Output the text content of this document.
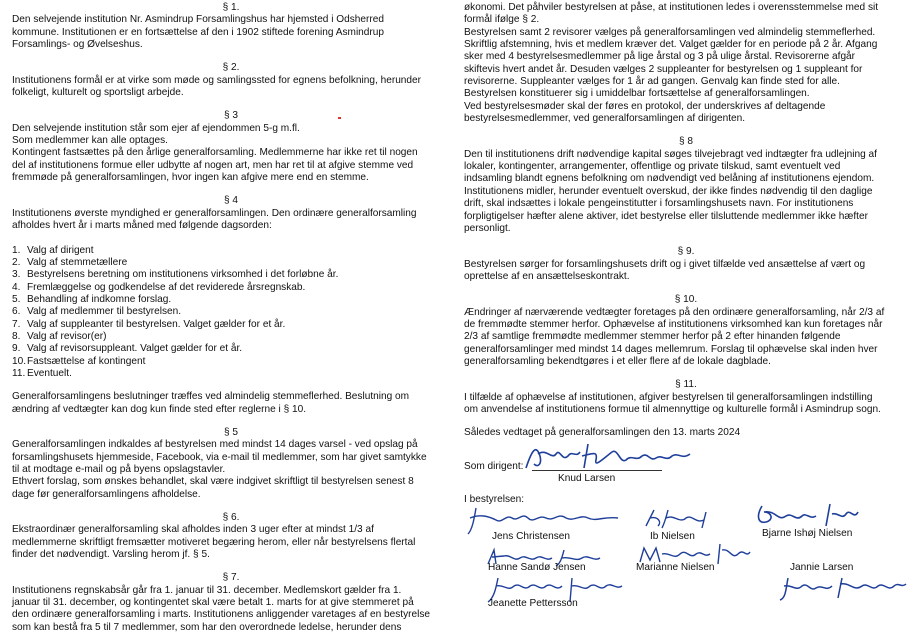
§ 1.

Den selvejende institution Nr. Asmindrup Forsamlingshus har hjemsted i Odsherred
kommune. Institutionen er en fortsættelse af den i 1902 stiftede forening Asmindrup
Forsamlings- og Øvelseshus.

§ 2.

Institutionens formål er at virke som møde og samlingssted for egnens befolkning, herunder
folkeligt, kulturelt og sportsligt arbejde.

§ 3

Den selvejende institution står som ejer af ejendommen 5-g m.fl.
Som medlemmer kan alle optages.
Kontingent fastsættes på den årlige generalforsamling. Medlemmerne har ikke ret til nogen
del af institutionens formue eller udbytte af nogen art, men har ret til at afgive stemme ved
fremmøde på generalforsamlingen, hvor ingen kan afgive mere end en stemme.

§ 4

Institutionens øverste myndighed er generalforsamlingen. Den ordinære generalforsamling
afholdes hvert år i marts måned med følgende dagsorden:

1. Valg af dirigent
2. Valg af stemmetællere
3. Bestyrelsens beretning om institutionens virksomhed i det forløbne år.
4. Fremlæggelse og godkendelse af det reviderede årsregnskab.
5. Behandling af indkomne forslag.
6. Valg af medlemmer til bestyrelsen.
7. Valg af suppleanter til bestyrelsen. Valget gælder for et år.
8. Valg af revisor(er)
9. Valg af revisorsuppleant. Valget gælder for et år.
10. Fastsættelse af kontingent
11. Eventuelt.

Generalforsamlingens beslutninger træffes ved almindelig stemmeflerhed. Beslutning om
ændring af vedtægter kan dog kun finde sted efter reglerne i § 10.

§ 5

Generalforsamlingen indkaldes af bestyrelsen med mindst 14 dages varsel - ved opslag på
forsamlingshusets hjemmeside, Facebook, via e-mail til medlemmer, som har givet samtykke
til at modtage e-mail og på byens opslagstavler.
Ethvert forslag, som ønskes behandlet, skal være indgivet skriftligt til bestyrelsen senest 8
dage før generalforsamlingens afholdelse.

§ 6.

Ekstraordinær generalforsamling skal afholdes inden 3 uger efter at mindst 1/3 af
medlemmerne skriftligt fremsætter motiveret begæring herom, eller når bestyrelsens flertal
finder det nødvendigt. Varsling herom jf. § 5.

§ 7.

Institutionens regnskabsår går fra 1. januar til 31. december. Medlemskort gælder fra 1.
januar til 31. december, og kontingentet skal være betalt 1. marts for at give stemmeret på
den ordinære generalforsamling i marts. Institutionens anliggender varetages af en bestyrelse
som kan bestå fra 5 til 7 medlemmer, som har den overordnede ledelse, herunder dens

økonomi. Det påhviler bestyrelsen at påse, at institutionen ledes i overensstemmelse med sit
formål ifølge § 2.
Bestyrelsen samt 2 revisorer vælges på generalforsamlingen ved almindelig stemmeflerhed.
Skriftlig afstemning, hvis et medlem kræver det. Valget gælder for en periode på 2 år. Afgang
sker med 4 bestyrelsesmedlemmer på lige årstal og 3 på ulige årstal. Revisorerne afgår
skiftevis hvert andet år. Desuden vælges 2 suppleanter for bestyrelsen og 1 suppleant for
revisorerne. Suppleanter vælges for 1 år ad gangen. Genvalg kan finde sted for alle.
Bestyrelsen konstituerer sig i umiddelbar fortsættelse af generalforsamlingen.
Ved bestyrelsesmøder skal der føres en protokol, der underskrives af deltagende
bestyrelsesmedlemmer, ved generalforsamlingen af dirigenten.

§ 8

Den til institutionens drift nødvendige kapital søges tilvejebragt ved indtægter fra udlejning af
lokaler, kontingenter, arrangementer, offentlige og private tilskud, samt eventuelt ved
indsamling blandt egnens befolkning om nødvendigt ved belåning af institutionens ejendom.
Institutionens midler, herunder eventuelt overskud, der ikke findes nødvendig til den daglige
drift, skal indsættes i lokale pengeinstitutter i forsamlingshusets navn. For institutionens
forpligtigelser hæfter alene aktiver, idet bestyrelse eller tilsluttende medlemmer ikke hæfter
personligt.

§ 9.

Bestyrelsen sørger for forsamlingshusets drift og i givet tilfælde ved ansættelse af vært og
oprettelse af en ansættelseskontrakt.

§ 10.

Ændringer af nærværende vedtægter foretages på den ordinære generalforsamling, når 2/3 af
de fremmødte stemmer herfor. Ophævelse af institutionens virksomhed kan kun foretages når
2/3 af samtlige fremmødte medlemmer stemmer herfor på 2 efter hinanden følgende
generalforsamlinger med mindst 14 dages mellemrum. Forslag til ophævelse skal inden hver
generalforsamling bekendtgøres i et eller flere af de lokale dagblade.

§ 11.

I tilfælde af ophævelse af institutionen, afgiver bestyrelsen til generalforsamlingen indstilling
om anvendelse af institutionens formue til almennyttige og kulturelle formål i Asmindrup sogn.

Således vedtaget på generalforsamlingen den 13. marts 2024

Som dirigent:
Knud Larsen
I bestyrelsen:
Jens Christensen	Ib Nielsen	Bjarne Ishøj Nielsen
Hanne Sandø Jensen	Marianne Nielsen	Jannie Larsen
Jeanette Pettersson
